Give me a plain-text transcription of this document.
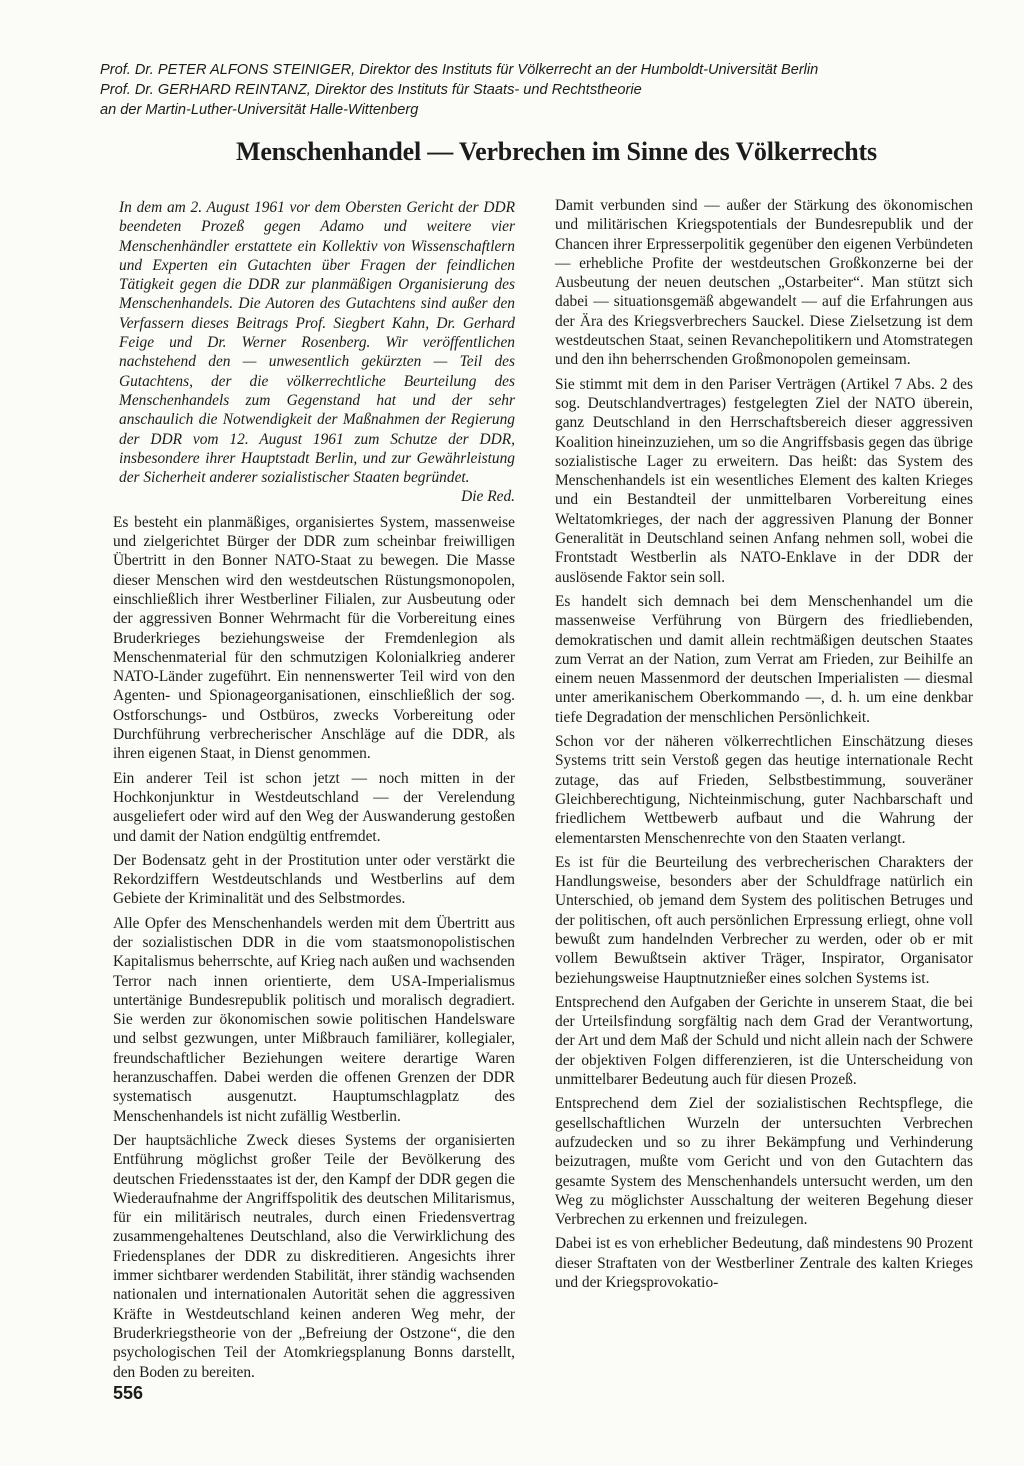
Prof. Dr. PETER ALFONS STEINIGER, Direktor des Instituts für Völkerrecht an der Humboldt-Universität Berlin

Prof. Dr. GERHARD REINTANZ, Direktor des Instituts für Staats- und Rechtstheorie

an der Martin-Luther-Universität Halle-Wittenberg

Menschenhandel — Verbrechen im Sinne des Völkerrechts

In dem am 2. August 1961 vor dem Obersten Gericht der DDR beendeten Prozeß gegen Adamo und weitere vier Menschenhändler erstattete ein Kollektiv von Wissenschaftlern und Experten ein Gutachten über Fragen der feindlichen Tätigkeit gegen die DDR zur planmäßigen Organisierung des Menschenhandels. Die Autoren des Gutachtens sind außer den Verfassern dieses Beitrags Prof. Siegbert Kahn, Dr. Gerhard Feige und Dr. Werner Rosenberg. Wir veröffentlichen nachstehend den — unwesentlich gekürzten — Teil des Gutachtens, der die völkerrechtliche Beurteilung des Menschenhandels zum Gegenstand hat und der sehr anschaulich die Notwendigkeit der Maßnahmen der Regierung der DDR vom 12. August 1961 zum Schutze der DDR, insbesondere ihrer Hauptstadt Berlin, und zur Gewährleistung der Sicherheit anderer sozialistischer Staaten begründet.

Die Red.

Es besteht ein planmäßiges, organisiertes System, massenweise und zielgerichtet Bürger der DDR zum scheinbar freiwilligen Übertritt in den Bonner NATO-Staat zu bewegen. Die Masse dieser Menschen wird den westdeutschen Rüstungsmonopolen, einschließlich ihrer Westberliner Filialen, zur Ausbeutung oder der aggressiven Bonner Wehrmacht für die Vorbereitung eines Bruderkrieges beziehungsweise der Fremdenlegion als Menschenmaterial für den schmutzigen Kolonialkrieg anderer NATO-Länder zugeführt. Ein nennenswerter Teil wird von den Agenten- und Spionageorganisationen, einschließlich der sog. Ostforschungs- und Ostbüros, zwecks Vorbereitung oder Durchführung verbrecherischer Anschläge auf die DDR, als ihren eigenen Staat, in Dienst genommen.

Ein anderer Teil ist schon jetzt — noch mitten in der Hochkonjunktur in Westdeutschland — der Verelendung ausgeliefert oder wird auf den Weg der Auswanderung gestoßen und damit der Nation endgültig entfremdet.

Der Bodensatz geht in der Prostitution unter oder verstärkt die Rekordziffern Westdeutschlands und Westberlins auf dem Gebiete der Kriminalität und des Selbstmordes.

Alle Opfer des Menschenhandels werden mit dem Übertritt aus der sozialistischen DDR in die vom staatsmonopolistischen Kapitalismus beherrschte, auf Krieg nach außen und wachsenden Terror nach innen orientierte, dem USA-Imperialismus untertänige Bundesrepublik politisch und moralisch degradiert. Sie werden zur ökonomischen sowie politischen Handelsware und selbst gezwungen, unter Mißbrauch familiärer, kollegialer, freundschaftlicher Beziehungen weitere derartige Waren heranzuschaffen. Dabei werden die offenen Grenzen der DDR systematisch ausgenutzt. Hauptumschlagplatz des Menschenhandels ist nicht zufällig Westberlin.

Der hauptsächliche Zweck dieses Systems der organisierten Entführung möglichst großer Teile der Bevölkerung des deutschen Friedensstaates ist der, den Kampf der DDR gegen die Wiederaufnahme der Angriffspolitik des deutschen Militarismus, für ein militärisch neutrales, durch einen Friedensvertrag zusammengehaltenes Deutschland, also die Verwirklichung des Friedensplanes der DDR zu diskreditieren. Angesichts ihrer immer sichtbarer werdenden Stabilität, ihrer ständig wachsenden nationalen und internationalen Autorität sehen die aggressiven Kräfte in Westdeutschland keinen anderen Weg mehr, der Bruderkriegstheorie von der „Befreiung der Ostzone“, die den psychologischen Teil der Atomkriegsplanung Bonns darstellt, den Boden zu bereiten.

Damit verbunden sind — außer der Stärkung des ökonomischen und militärischen Kriegspotentials der Bundesrepublik und der Chancen ihrer Erpresserpolitik gegenüber den eigenen Verbündeten — erhebliche Profite der westdeutschen Großkonzerne bei der Ausbeutung der neuen deutschen „Ostarbeiter“. Man stützt sich dabei — situationsgemäß abgewandelt — auf die Erfahrungen aus der Ära des Kriegsverbrechers Sauckel. Diese Zielsetzung ist dem westdeutschen Staat, seinen Revanchepolitikern und Atomstrategen und den ihn beherrschenden Großmonopolen gemeinsam.

Sie stimmt mit dem in den Pariser Verträgen (Artikel 7 Abs. 2 des sog. Deutschlandvertrages) festgelegten Ziel der NATO überein, ganz Deutschland in den Herrschaftsbereich dieser aggressiven Koalition hineinzuziehen, um so die Angriffsbasis gegen das übrige sozialistische Lager zu erweitern. Das heißt: das System des Menschenhandels ist ein wesentliches Element des kalten Krieges und ein Bestandteil der unmittelbaren Vorbereitung eines Weltatomkrieges, der nach der aggressiven Planung der Bonner Generalität in Deutschland seinen Anfang nehmen soll, wobei die Frontstadt Westberlin als NATO-Enklave in der DDR der auslösende Faktor sein soll.

Es handelt sich demnach bei dem Menschenhandel um die massenweise Verführung von Bürgern des friedliebenden, demokratischen und damit allein rechtmäßigen deutschen Staates zum Verrat an der Nation, zum Verrat am Frieden, zur Beihilfe an einem neuen Massenmord der deutschen Imperialisten — diesmal unter amerikanischem Oberkommando —, d. h. um eine denkbar tiefe Degradation der menschlichen Persönlichkeit.

Schon vor der näheren völkerrechtlichen Einschätzung dieses Systems tritt sein Verstoß gegen das heutige internationale Recht zutage, das auf Frieden, Selbstbestimmung, souveräner Gleichberechtigung, Nichteinmischung, guter Nachbarschaft und friedlichem Wettbewerb aufbaut und die Wahrung der elementarsten Menschenrechte von den Staaten verlangt.

Es ist für die Beurteilung des verbrecherischen Charakters der Handlungsweise, besonders aber der Schuldfrage natürlich ein Unterschied, ob jemand dem System des politischen Betruges und der politischen, oft auch persönlichen Erpressung erliegt, ohne voll bewußt zum handelnden Verbrecher zu werden, oder ob er mit vollem Bewußtsein aktiver Träger, Inspirator, Organisator beziehungsweise Hauptnutznießer eines solchen Systems ist.

Entsprechend den Aufgaben der Gerichte in unserem Staat, die bei der Urteilsfindung sorgfältig nach dem Grad der Verantwortung, der Art und dem Maß der Schuld und nicht allein nach der Schwere der objektiven Folgen differenzieren, ist die Unterscheidung von unmittelbarer Bedeutung auch für diesen Prozeß.

Entsprechend dem Ziel der sozialistischen Rechtspflege, die gesellschaftlichen Wurzeln der untersuchten Verbrechen aufzudecken und so zu ihrer Bekämpfung und Verhinderung beizutragen, mußte vom Gericht und von den Gutachtern das gesamte System des Menschenhandels untersucht werden, um den Weg zu möglichster Ausschaltung der weiteren Begehung dieser Verbrechen zu erkennen und freizulegen.

Dabei ist es von erheblicher Bedeutung, daß mindestens 90 Prozent dieser Straftaten von der Westberliner Zentrale des kalten Krieges und der Kriegsprovokatio-

556
